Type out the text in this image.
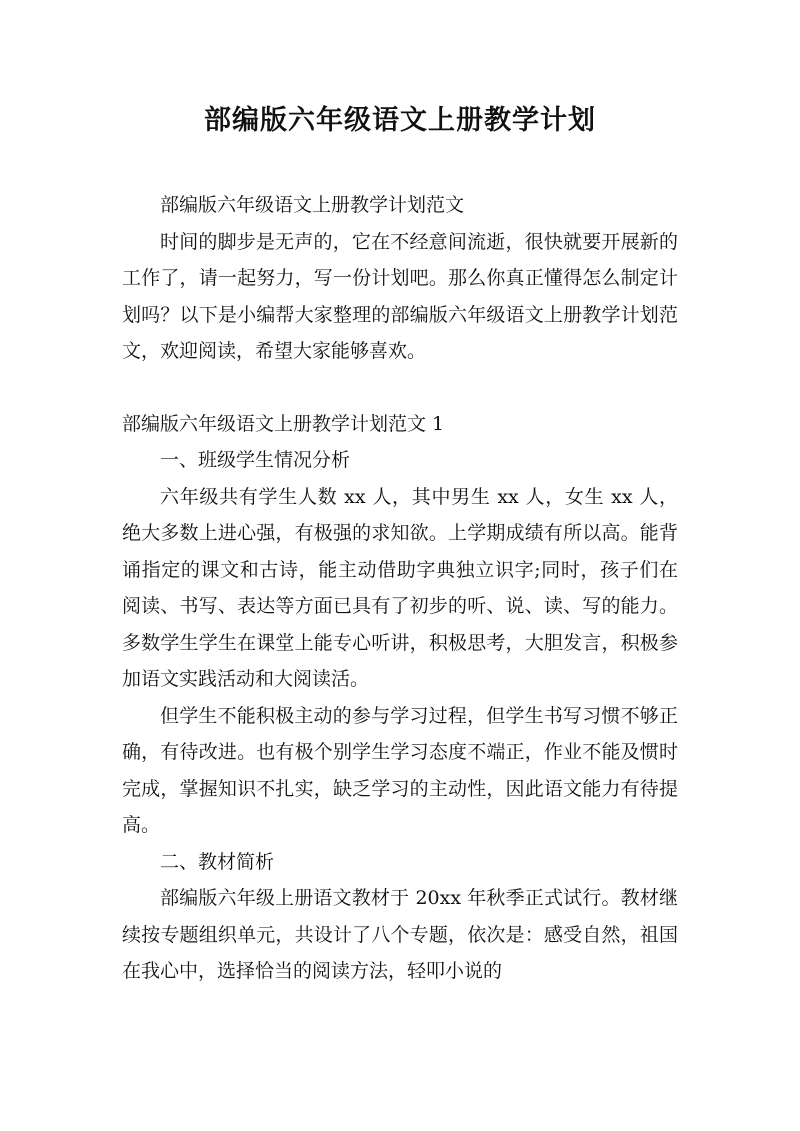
部编版六年级语文上册教学计划

部编版六年级语文上册教学计划范文

时间的脚步是无声的，它在不经意间流逝，很快就要开展新的工作了，请一起努力，写一份计划吧。那么你真正懂得怎么制定计划吗？以下是小编帮大家整理的部编版六年级语文上册教学计划范文，欢迎阅读，希望大家能够喜欢。

部编版六年级语文上册教学计划范文 1

一、班级学生情况分析

六年级共有学生人数 xx 人，其中男生 xx 人，女生 xx 人，绝大多数上进心强，有极强的求知欲。上学期成绩有所以高。能背诵指定的课文和古诗，能主动借助字典独立识字;同时，孩子们在阅读、书写、表达等方面已具有了初步的听、说、读、写的能力。多数学生学生在课堂上能专心听讲，积极思考，大胆发言，积极参加语文实践活动和大阅读活。

但学生不能积极主动的参与学习过程，但学生书写习惯不够正确，有待改进。也有极个别学生学习态度不端正，作业不能及惯时完成，掌握知识不扎实，缺乏学习的主动性，因此语文能力有待提高。

二、教材简析

部编版六年级上册语文教材于 20xx 年秋季正式试行。教材继续按专题组织单元，共设计了八个专题，依次是：感受自然，祖国在我心中，选择恰当的阅读方法，轻叩小说的
